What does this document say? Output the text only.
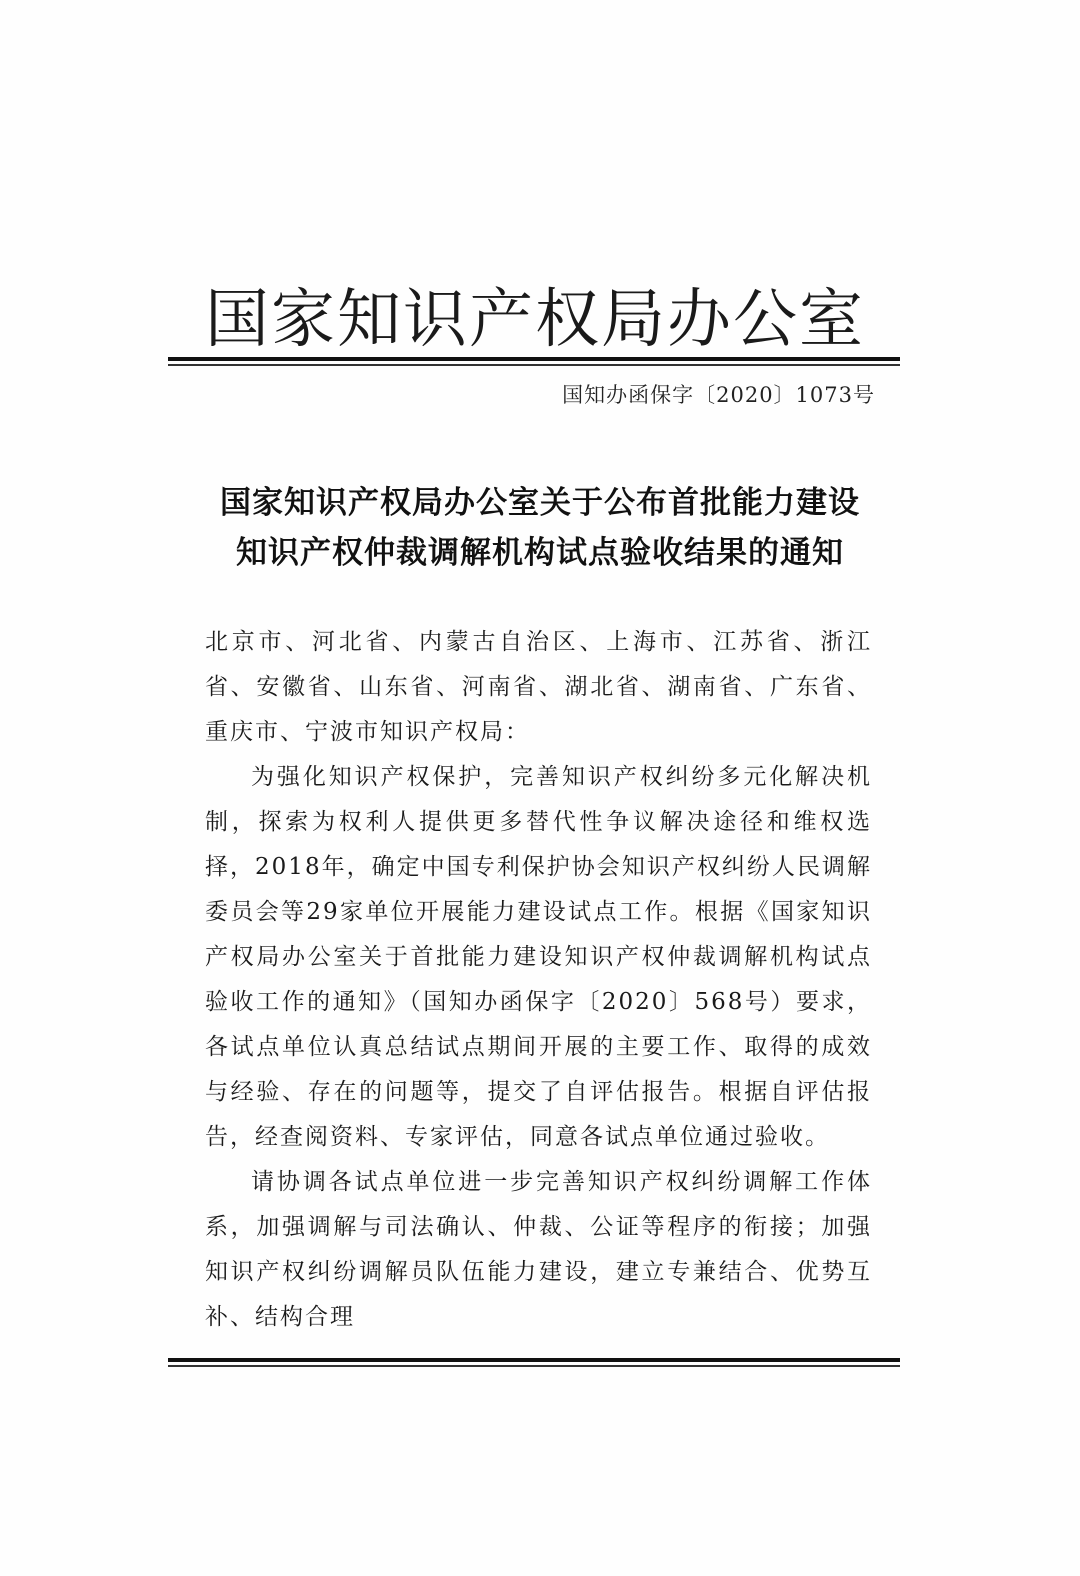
国家知识产权局办公室
国知办函保字〔2020〕1073号
国家知识产权局办公室关于公布首批能力建设
知识产权仲裁调解机构试点验收结果的通知

北京市、河北省、内蒙古自治区、上海市、江苏省、浙江省、安徽省、山东省、河南省、湖北省、湖南省、广东省、重庆市、宁波市知识产权局：

为强化知识产权保护，完善知识产权纠纷多元化解决机制，探索为权利人提供更多替代性争议解决途径和维权选择，2018年，确定中国专利保护协会知识产权纠纷人民调解委员会等29家单位开展能力建设试点工作。根据《国家知识产权局办公室关于首批能力建设知识产权仲裁调解机构试点验收工作的通知》（国知办函保字〔2020〕568号）要求，各试点单位认真总结试点期间开展的主要工作、取得的成效与经验、存在的问题等，提交了自评估报告。根据自评估报告，经查阅资料、专家评估，同意各试点单位通过验收。

请协调各试点单位进一步完善知识产权纠纷调解工作体系，加强调解与司法确认、仲裁、公证等程序的衔接；加强知识产权纠纷调解员队伍能力建设，建立专兼结合、优势互补、结构合理
